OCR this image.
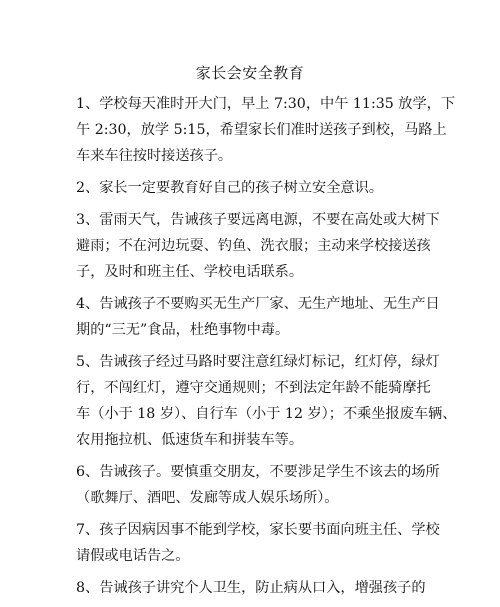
家长会安全教育

1、学校每天准时开大门，早上 7:30，中午 11:35 放学，下
午 2:30，放学 5:15，希望家长们准时送孩子到校，马路上
车来车往按时接送孩子。

2、家长一定要教育好自己的孩子树立安全意识。

3、雷雨天气，告诫孩子要远离电源，不要在高处或大树下
避雨；不在河边玩耍、钓鱼、洗衣服；主动来学校接送孩
子，及时和班主任、学校电话联系。

4、告诫孩子不要购买无生产厂家、无生产地址、无生产日
期的“三无”食品，杜绝事物中毒。

5、告诫孩子经过马路时要注意红绿灯标记，红灯停，绿灯
行，不闯红灯，遵守交通规则；不到法定年龄不能骑摩托
车（小于 18 岁）、自行车（小于 12 岁）；不乘坐报废车辆、
农用拖拉机、低速货车和拼装车等。

6、告诫孩子。要慎重交朋友，不要涉足学生不该去的场所
（歌舞厅、酒吧、发廊等成人娱乐场所）。

7、孩子因病因事不能到学校，家长要书面向班主任、学校
请假或电话告之。

8、告诫孩子讲究个人卫生，防止病从口入，增强孩子的
